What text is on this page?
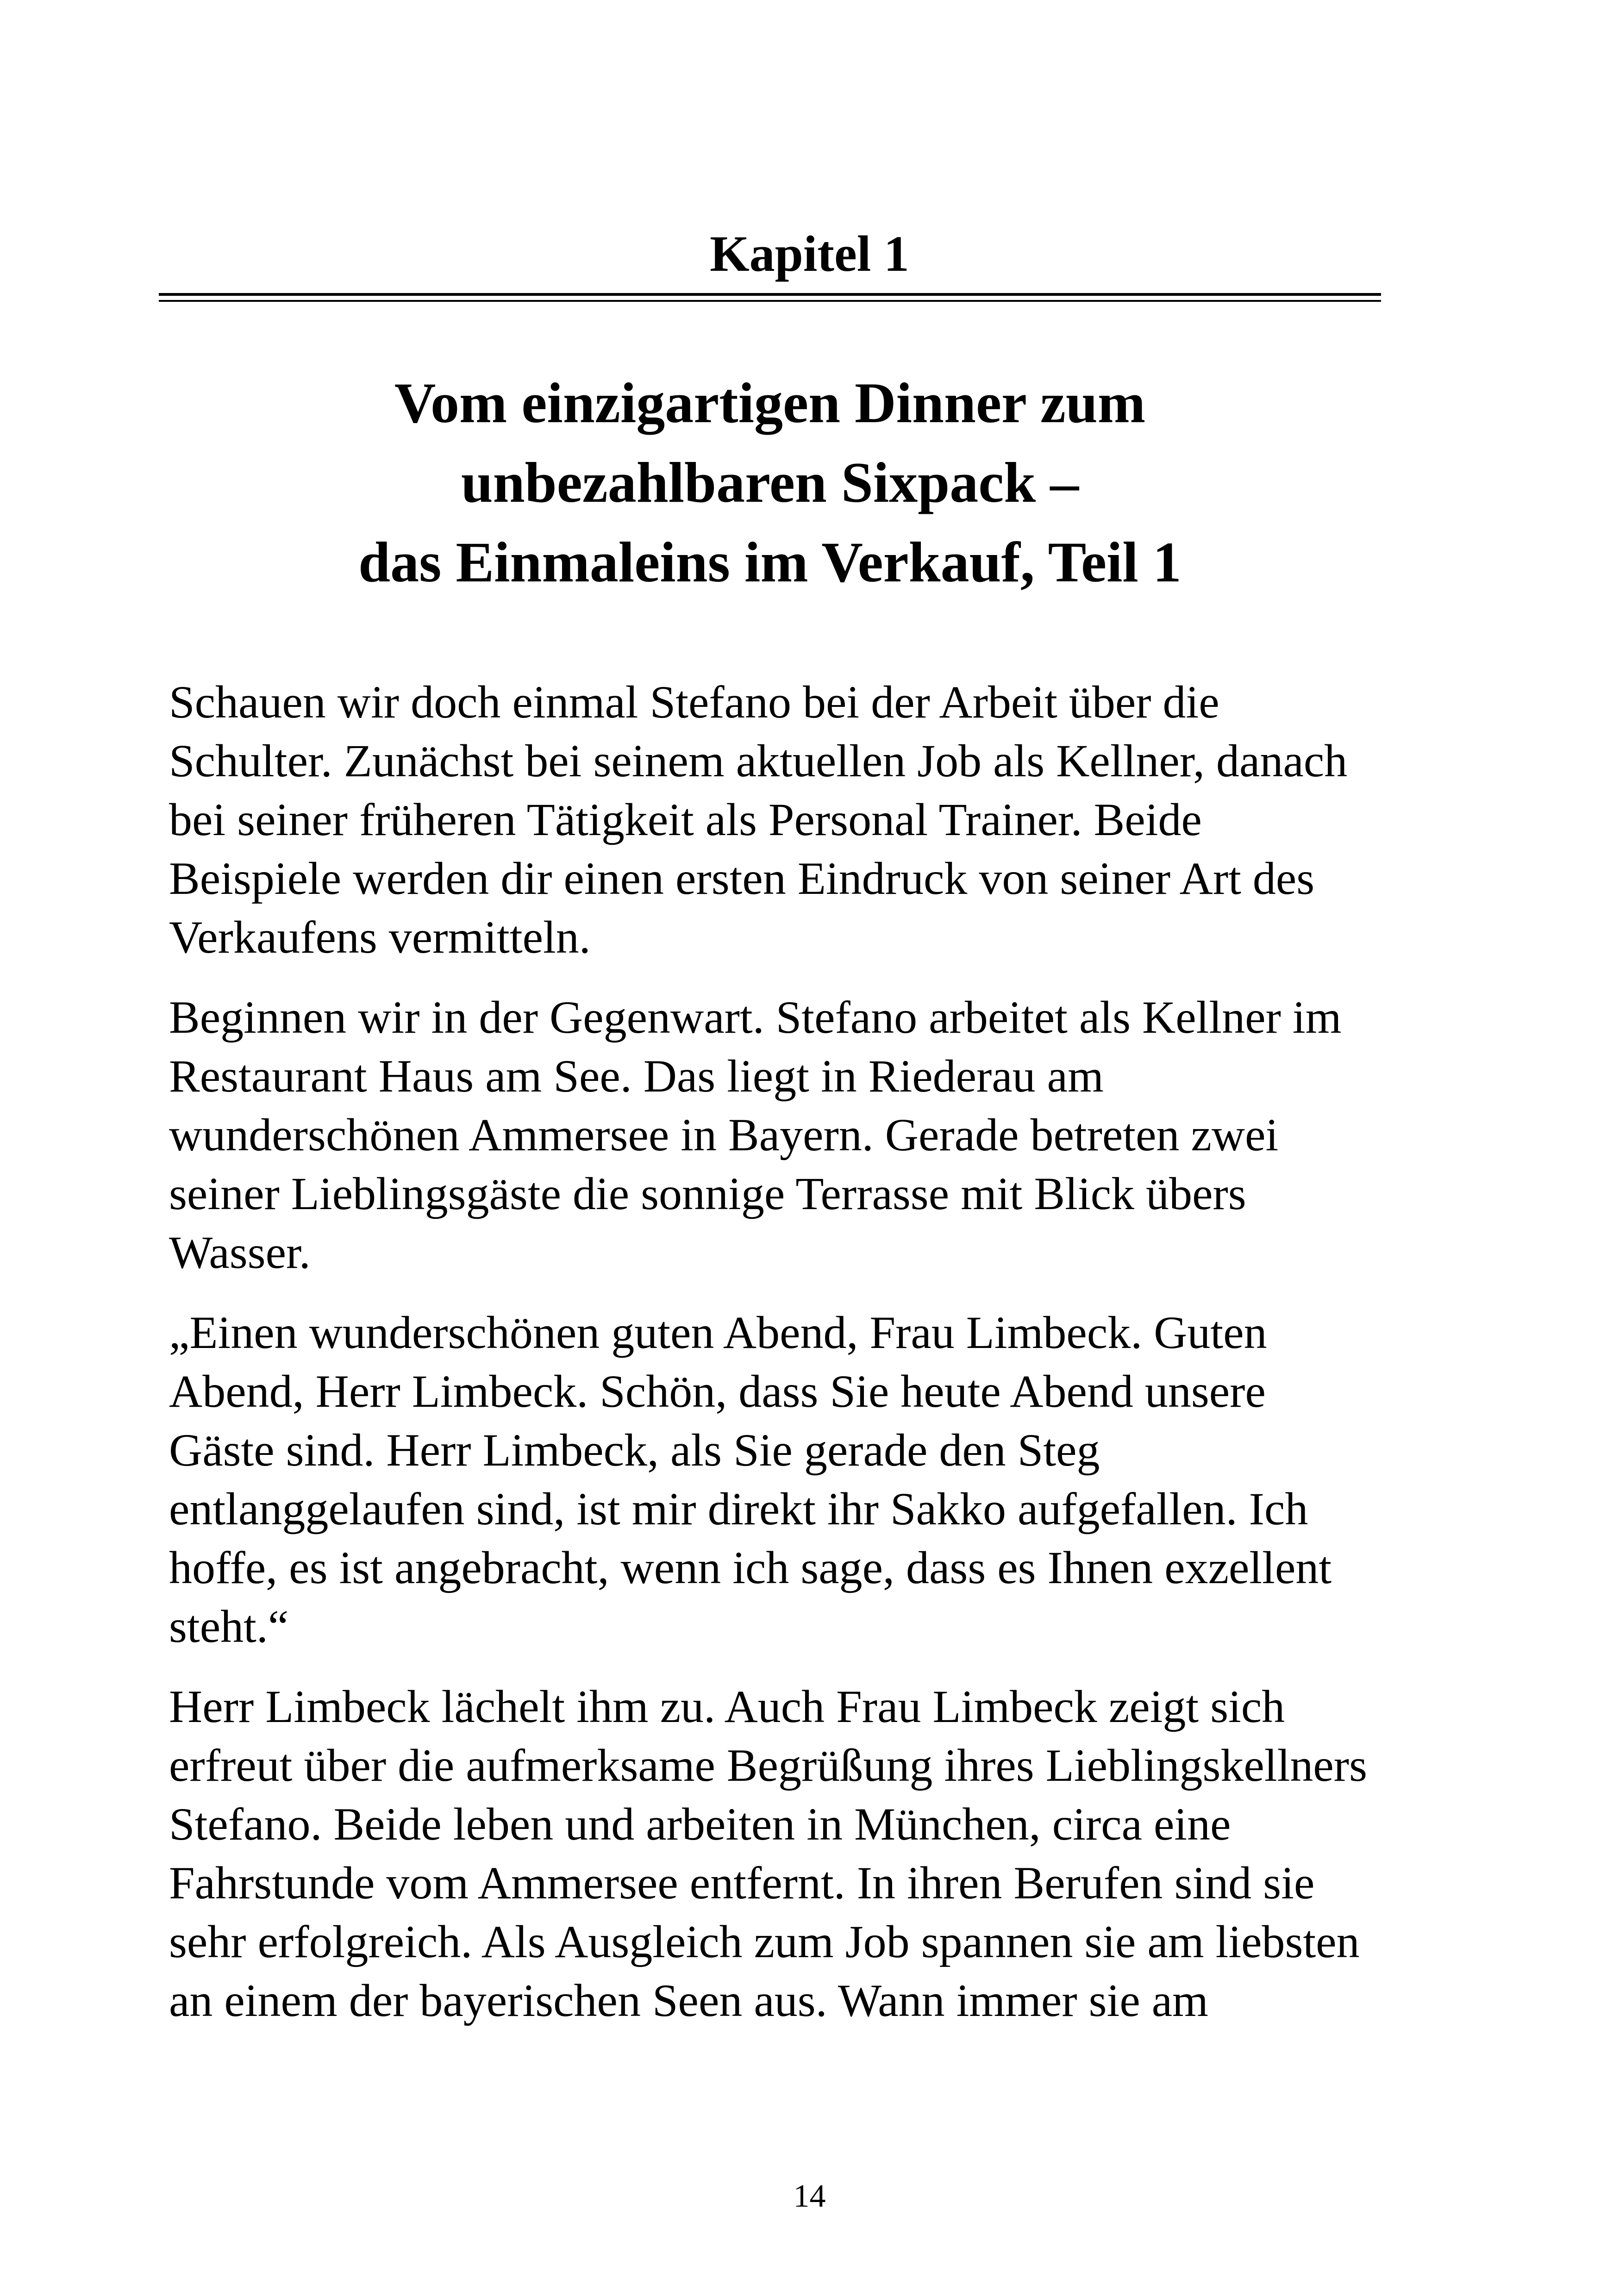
Kapitel 1
Vom einzigartigen Dinner zum
unbezahlbaren Sixpack –
das Einmaleins im Verkauf, Teil 1

Schauen wir doch einmal Stefano bei der Arbeit über die
Schulter. Zunächst bei seinem aktuellen Job als Kellner, danach
bei seiner früheren Tätigkeit als Personal Trainer. Beide
Beispiele werden dir einen ersten Eindruck von seiner Art des
Verkaufens vermitteln.

Beginnen wir in der Gegenwart. Stefano arbeitet als Kellner im
Restaurant Haus am See. Das liegt in Riederau am
wunderschönen Ammersee in Bayern. Gerade betreten zwei
seiner Lieblingsgäste die sonnige Terrasse mit Blick übers
Wasser.

„Einen wunderschönen guten Abend, Frau Limbeck. Guten
Abend, Herr Limbeck. Schön, dass Sie heute Abend unsere
Gäste sind. Herr Limbeck, als Sie gerade den Steg
entlanggelaufen sind, ist mir direkt ihr Sakko aufgefallen. Ich
hoffe, es ist angebracht, wenn ich sage, dass es Ihnen exzellent
steht.“

Herr Limbeck lächelt ihm zu. Auch Frau Limbeck zeigt sich
erfreut über die aufmerksame Begrüßung ihres Lieblingskellners
Stefano. Beide leben und arbeiten in München, circa eine
Fahrstunde vom Ammersee entfernt. In ihren Berufen sind sie
sehr erfolgreich. Als Ausgleich zum Job spannen sie am liebsten
an einem der bayerischen Seen aus. Wann immer sie am

14
